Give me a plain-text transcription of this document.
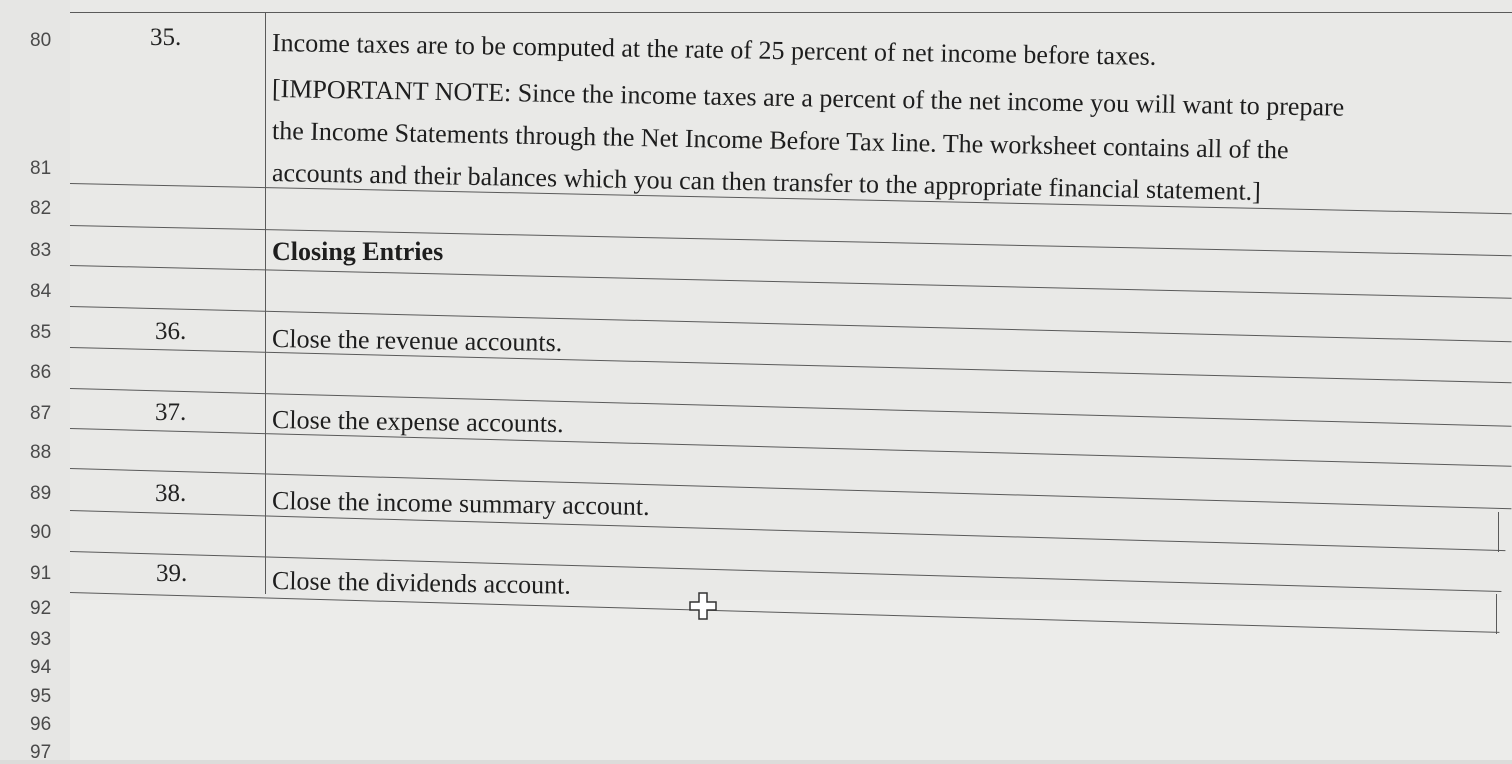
80
81
82
83
84
85
86
87
88
89
90
91
92
93
94
95
96
97
35.	Income taxes are to be computed at the rate of 25 percent of net income before taxes.
[IMPORTANT NOTE: Since the income taxes are a percent of the net income you will want to prepare
the Income Statements through the Net Income Before Tax line. The worksheet contains all of the
accounts and their balances which you can then transfer to the appropriate financial statement.]
Closing Entries
36.	Close the revenue accounts.
37.	Close the expense accounts.
38.	Close the income summary account.
39.	Close the dividends account.
